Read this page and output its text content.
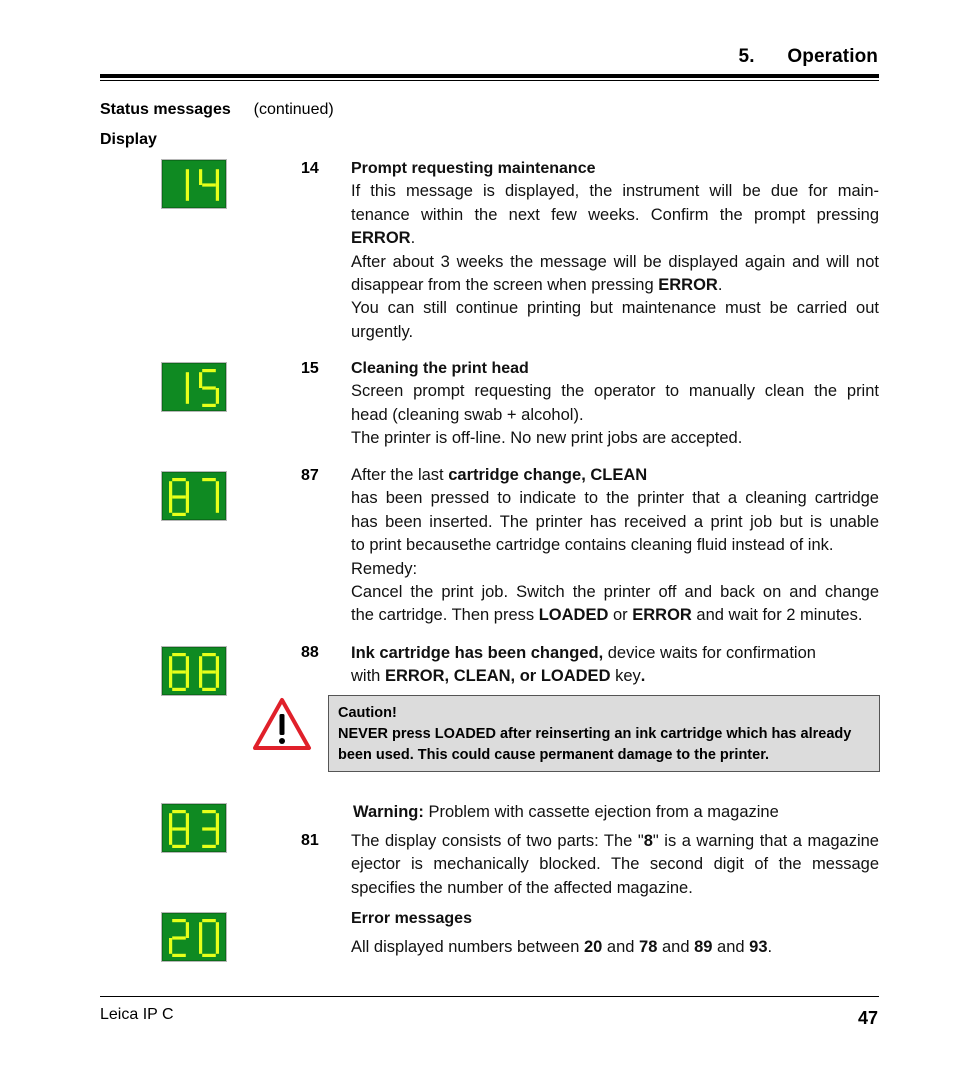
5. Operation
Status messages (continued)
Display
14 Prompt requesting maintenance

If this message is displayed, the instrument will be due for main-

tenance within the next few weeks. Confirm the prompt pressing

ERROR.

After about 3 weeks the message will be displayed again and will not

disappear from the screen when pressing ERROR.

You can still continue printing but maintenance must be carried out

urgently.

15 Cleaning the print head

Screen prompt requesting the operator to manually clean the print

head (cleaning swab + alcohol).

The printer is off-line. No new print jobs are accepted.

87 After the last cartridge change, CLEAN

has been pressed to indicate to the printer that a cleaning cartridge

has been inserted. The printer has received a print job but is unable

to print becausethe cartridge contains cleaning fluid instead of ink.

Remedy:

Cancel the print job. Switch the printer off and back on and change

the cartridge. Then press LOADED or ERROR and wait for 2 minutes.

88 Ink cartridge has been changed, device waits for confirmation

with ERROR, CLEAN, or LOADED key.

Caution!

NEVER press LOADED after reinserting an ink cartridge which has already

been used. This could cause permanent damage to the printer.

Warning: Problem with cassette ejection from a magazine

81 The display consists of two parts: The "8" is a warning that a magazine

ejector is mechanically blocked. The second digit of the message

specifies the number of the affected magazine.

Error messages

All displayed numbers between 20 and 78 and 89 and 93.

Leica IP C	47
